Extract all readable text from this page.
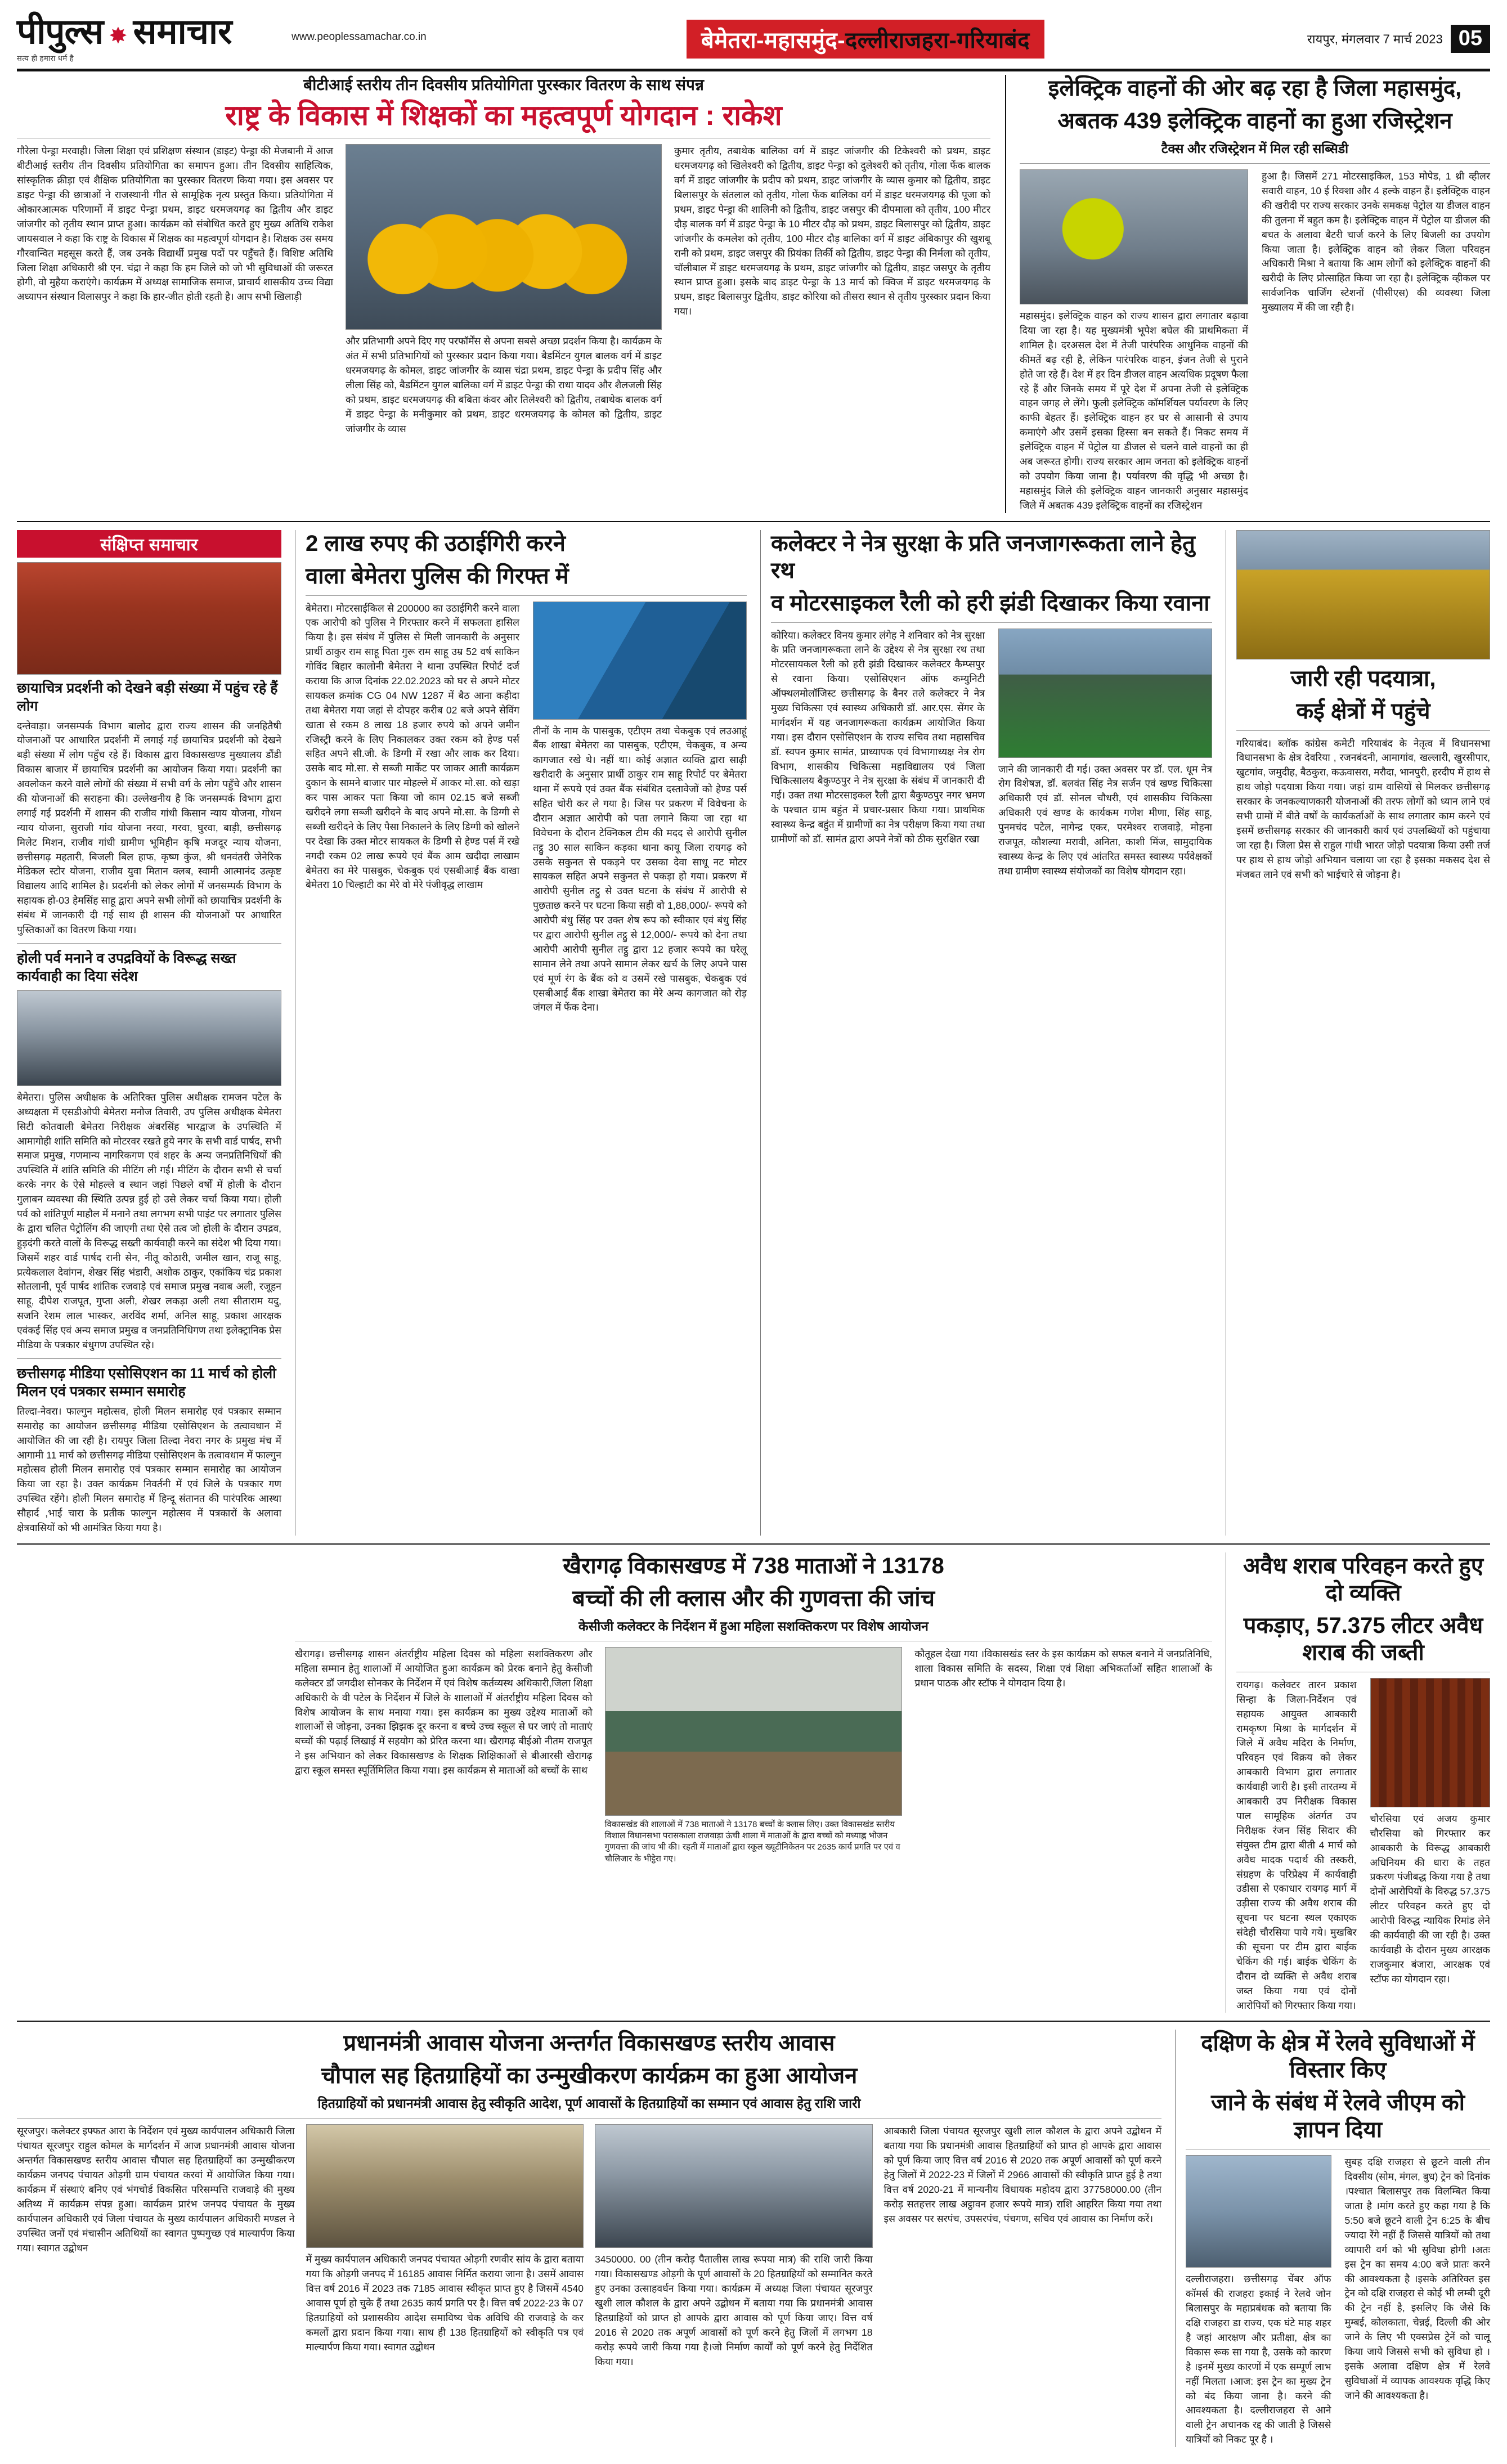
पीपुल्स ✸ समाचार
सत्य ही हमारा धर्म है
www.peoplessamachar.co.in	बेमेतरा-महासमुंद-दल्लीराजहरा-गरियाबंद	रायपुर, मंगलवार 7 मार्च 2023 05
बीटीआई स्तरीय तीन दिवसीय प्रतियोगिता पुरस्कार वितरण के साथ संपन्न
राष्ट्र के विकास में शिक्षकों का महत्वपूर्ण योगदान : राकेश
गौरेला पेन्ड्रा मरवाही। जिला शिक्षा एवं प्रशिक्षण संस्थान (डाइट) पेन्ड्रा की मेजबानी में आज बीटीआई स्तरीय तीन दिवसीय प्रतियोगिता का समापन हुआ। तीन दिवसीय साहित्यिक, सांस्कृतिक क्रीड़ा एवं शैक्षिक प्रतियोगिता का पुरस्कार वितरण किया गया। इस अवसर पर डाइट पेन्ड्रा की छात्राओं ने राजस्थानी गीत से सामूहिक नृत्य प्रस्तुत किया। प्रतियोगिता में ओकारआत्मक परिणामों में डाइट पेन्ड्रा प्रथम, डाइट धरमजयगढ़ का द्वितीय और डाइट जांजगीर को तृतीय स्थान प्राप्त हुआ। कार्यक्रम को संबोधित करते हुए मुख्य अतिथि राकेश जायसवाल ने कहा कि राष्ट्र के विकास में शिक्षक का महत्वपूर्ण योगदान है। शिक्षक उस समय गौरवान्वित महसूस करते हैं, जब उनके विद्यार्थी प्रमुख पदों पर पहुँचते हैं। विशिष्ट अतिथि जिला शिक्षा अधिकारी श्री एन. चंद्रा ने कहा कि हम जिले को जो भी सुविधाओं की जरूरत होगी, वो मुहैया कराएंगे। कार्यक्रम में अध्यक्ष सामाजिक समाज, प्राचार्य शासकीय उच्च विद्या अध्यापन संस्थान विलासपुर ने कहा कि हार-जीत होती रहती है। आप सभी खिलाड़ी
और प्रतिभागी अपने दिए गए परफॉर्मेंस से अपना सबसे अच्छा प्रदर्शन किया है। कार्यक्रम के अंत में सभी प्रतिभागियों को पुरस्कार प्रदान किया गया। बैडमिंटन युगल बालक वर्ग में डाइट धरमजयगढ़ के कोमल, डाइट जांजगीर के व्यास चंद्रा प्रथम, डाइट पेन्ड्रा के प्रदीप सिंह और लीला सिंह को, बैडमिंटन युगल बालिका वर्ग में डाइट पेन्ड्रा की राधा यादव और शैलजली सिंह को प्रथम, डाइट धरमजयगढ़ की बबिता कंवर और तिलेश्वरी को द्वितीय, तबाथेक बालक वर्ग में डाइट पेन्ड्रा के मनीकुमार को प्रथम, डाइट धरमजयगढ़ के कोमल को द्वितीय, डाइट जांजगीर के व्यास
कुमार तृतीय, तबाथेक बालिका वर्ग में डाइट जांजगीर की टिकेश्वरी को प्रथम, डाइट धरमजयगढ़ को खिलेश्वरी को द्वितीय, डाइट पेन्ड्रा को दुलेश्वरी को तृतीय, गोला फेंक बालक वर्ग में डाइट जांजगीर के प्रदीप को प्रथम, डाइट जांजगीर के व्यास कुमार को द्वितीय, डाइट बिलासपुर के संतलाल को तृतीय, गोला फेंक बालिका वर्ग में डाइट धरमजयगढ़ की पूजा को प्रथम, डाइट पेन्ड्रा की शालिनी को द्वितीय, डाइट जसपुर की दीपमाला को तृतीय, 100 मीटर दौड़ बालक वर्ग में डाइट पेन्ड्रा के 10 मीटर दौड़ को प्रथम, डाइट बिलासपुर को द्वितीय, डाइट जांजगीर के कमलेश को तृतीय, 100 मीटर दौड़ बालिका वर्ग में डाइट अंबिकापुर की खुशबू रानी को प्रथम, डाइट जसपुर की प्रियंका तिर्की को द्वितीय, डाइट पेन्ड्रा की निर्मला को तृतीय, चॉलीबाल में डाइट धरमजयगढ़ के प्रथम, डाइट जांजगीर को द्वितीय, डाइट जसपुर के तृतीय स्थान प्राप्त हुआ। इसके बाद डाइट पेन्ड्रा के 13 मार्च को क्विज में डाइट धरमजयगढ़ के प्रथम, डाइट बिलासपुर द्वितीय, डाइट कोरिया को तीसरा स्थान से तृतीय पुरस्कार प्रदान किया गया।
इलेक्ट्रिक वाहनों की ओर बढ़ रहा है जिला महासमुंद,
अबतक 439 इलेक्ट्रिक वाहनों का हुआ रजिस्ट्रेशन
टैक्स और रजिस्ट्रेशन में मिल रही सब्सिडी
महासमुंद। इलेक्ट्रिक वाहन को राज्य शासन द्वारा लगातार बढ़ावा दिया जा रहा है। यह मुख्यमंत्री भूपेश बघेल की प्राथमिकता में शामिल है। दरअसल देश में तेजी पारंपरिक आधुनिक वाहनों की कीमतें बढ़ रही है, लेकिन पारंपरिक वाहन, इंजन तेजी से पुराने होते जा रहे हैं। देश में हर दिन डीजल वाहन अत्यधिक प्रदूषण फैला रहे हैं और जिनके समय में पूरे देश में अपना तेजी से इलेक्ट्रिक वाहन जगह ले लेंगे। फुली इलेक्ट्रिक कॉमर्शियल पर्यावरण के लिए काफी बेहतर हैं। इलेक्ट्रिक वाहन हर घर से आसानी से उपाय कमाएंगे और उसमें इसका हिस्सा बन सकते हैं। निकट समय में इलेक्ट्रिक वाहन में पेट्रोल या डीजल से चलने वाले वाहनों का ही अब जरूरत होगी। राज्य सरकार आम जनता को इलेक्ट्रिक वाहनों को उपयोग किया जाना है। पर्यावरण की वृद्धि भी अच्छा है। महासमुंद जिले की इलेक्ट्रिक वाहन जानकारी अनुसार महासमुंद जिले में अबतक 439 इलेक्ट्रिक वाहनों का रजिस्ट्रेशन
हुआ है। जिसमें 271 मोटरसाइकिल, 153 मोपेड, 1 थ्री व्हीलर सवारी वाहन, 10 ई रिक्शा और 4 हल्के वाहन हैं। इलेक्ट्रिक वाहन की खरीदी पर राज्य सरकार उनके समकक्ष पेट्रोल या डीजल वाहन की तुलना में बहुत कम है। इलेक्ट्रिक वाहन में पेट्रोल या डीजल की बचत के अलावा बैटरी चार्ज करने के लिए बिजली का उपयोग किया जाता है। इलेक्ट्रिक वाहन को लेकर जिला परिवहन अधिकारी मिश्रा ने बताया कि आम लोगों को इलेक्ट्रिक वाहनों की खरीदी के लिए प्रोत्साहित किया जा रहा है। इलेक्ट्रिक व्हीकल पर सार्वजनिक चार्जिंग स्टेशनों (पीसीएस) की व्यवस्था जिला मुख्यालय में की जा रही है।
संक्षिप्त समाचार
छायाचित्र प्रदर्शनी को देखने बड़ी संख्या में पहुंच रहे हैं लोग
दन्तेवाड़ा। जनसम्पर्क विभाग बालोद द्वारा राज्य शासन की जनहितैषी योजनाओं पर आधारित प्रदर्शनी में लगाई गई छायाचित्र प्रदर्शनी को देखने बड़ी संख्या में लोग पहुँच रहे हैं। विकास द्वारा विकासखण्ड मुख्यालय डौंडी विकास बाजार में छायाचित्र प्रदर्शनी का आयोजन किया गया। प्रदर्शनी का अवलोकन करने वाले लोगों की संख्या में सभी वर्ग के लोग पहुँचे और शासन की योजनाओं की सराहना की। उल्लेखनीय है कि जनसम्पर्क विभाग द्वारा लगाई गई प्रदर्शनी में शासन की राजीव गांधी किसान न्याय योजना, गोधन न्याय योजना, सुराजी गांव योजना नरवा, गरवा, घुरवा, बाड़ी, छत्तीसगढ़ मिलेट मिशन, राजीव गांधी ग्रामीण भूमिहीन कृषि मजदूर न्याय योजना, छत्तीसगढ़ महतारी, बिजली बिल हाफ, कृष्ण कुंज, श्री धनवंतरी जेनेरिक मेडिकल स्टोर योजना, राजीव युवा मितान क्लब, स्वामी आत्मानंद उत्कृष्ट विद्यालय आदि शामिल है। प्रदर्शनी को लेकर लोगों में जनसम्पर्क विभाग के सहायक हो-03 हेमसिंह साहू द्वारा अपने सभी लोगों को छायाचित्र प्रदर्शनी के संबंध में जानकारी दी गई साथ ही शासन की योजनाओं पर आधारित पुस्तिकाओं का वितरण किया गया।
होली पर्व मनाने व उपद्रवियों के विरूद्ध सख्त कार्यवाही का दिया संदेश
बेमेतरा। पुलिस अधीक्षक के अतिरिक्त पुलिस अधीक्षक रामजन पटेल के अध्यक्षता में एसडीओपी बेमेतरा मनोज तिवारी, उप पुलिस अधीक्षक बेमेतरा सिटी कोतवाली बेमेतरा निरीक्षक अंबरसिंह भारद्वाज के उपस्थिति में आमागोही शांति समिति को मोटरवर रखते हुये नगर के सभी वार्ड पार्षद, सभी समाज प्रमुख, गणमान्य नागरिकगण एवं शहर के अन्य जनप्रतिनिधियों की उपस्थिति में शांति समिति की मीटिंग ली गई। मीटिंग के दौरान सभी से चर्चा करके नगर के ऐसे मोहल्ले व स्थान जहां पिछले वर्षों में होली के दौरान गुलाबन व्यवस्था की स्थिति उत्पन्न हुई हो उसे लेकर चर्चा किया गया। होली पर्व को शांतिपूर्ण माहौल में मनाने तथा लगभग सभी पाइंट पर लगातार पुलिस के द्वारा चलित पेट्रोलिंग की जाएगी तथा ऐसे तत्व जो होली के दौरान उपद्रव, हुड़दंगी करते वालों के विरूद्ध सख्ती कार्यवाही करने का संदेश भी दिया गया। जिसमें शहर वार्ड पार्षद रानी सेन, नीतू कोठारी, जमील खान, राजू साहू, प्रत्येकलाल देवांगन, शेखर सिंह भंडारी, अशोक ठाकुर, एकांकिय चंद्र प्रकाश सोतलानी, पूर्व पार्षद शांतिक रजवाड़े एवं समाज प्रमुख नवाब अली, रजूहन साहू, दीपेश राजपूत, गुप्ता अली, शेखर लकड़ा अली तथा सीताराम यदु, सजनि रेशम लाल भास्कर, अरविंद शर्मा, अनिल साहू, प्रकाश आरक्षक एवंकई सिंह एवं अन्य समाज प्रमुख व जनप्रतिनिधिगण तथा इलेक्ट्रानिक प्रेस मीडिया के पत्रकार बंधुगण उपस्थित रहे।
छत्तीसगढ़ मीडिया एसोसिएशन का 11 मार्च को होली मिलन एवं पत्रकार सम्मान समारोह
तिल्दा-नेवरा। फाल्गुन महोत्सव, होली मिलन समारोह एवं पत्रकार सम्मान समारोह का आयोजन छत्तीसगढ़ मीडिया एसोसिएशन के तत्वावधान में आयोजित की जा रही है। रायपुर जिला तिल्दा नेवरा नगर के प्रमुख मंच में आगामी 11 मार्च को छत्तीसगढ़ मीडिया एसोसिएशन के तत्वावधान में फाल्गुन महोत्सव होली मिलन समारोह एवं पत्रकार सम्मान समारोह का आयोजन किया जा रहा है। उक्त कार्यक्रम निवर्तनी में एवं जिले के पत्रकार गण उपस्थित रहेंगे। होली मिलन समारोह में हिन्दू संतानत की पारंपरिक आस्था सौहार्द ,भाई चारा के प्रतीक फाल्गुन महोत्सव में पत्रकारों के अलावा क्षेत्रवासियों को भी आमंत्रित किया गया है।
2 लाख रुपए की उठाईगिरी करने
वाला बेमेतरा पुलिस की गिरफ्त में
बेमेतरा। मोटरसाईकिल से 200000 का उठाईगिरी करने वाला एक आरोपी को पुलिस ने गिरफ्तार करने में सफलता हासिल किया है। इस संबंध में पुलिस से मिली जानकारी के अनुसार प्रार्थी ठाकुर राम साहू पिता गुरू राम साहू उम्र 52 वर्ष साकिन गोविंद बिहार कालोनी बेमेतरा ने थाना उपस्थित रिपोर्ट दर्ज कराया कि आज दिनांक 22.02.2023 को घर से अपने मोटर सायकल क्रमांक CG 04 NW 1287 में बैठ आना कहीदा तथा बेमेतरा गया जहां से दोपहर करीब 02 बजे अपने सेविंग खाता से रकम 8 लाख 18 हजार रुपये को अपने जमीन रजिस्ट्री करने के लिए निकालकर उक्त रकम को हेण्ड पर्स सहित अपने सी.जी. के डिग्गी में रखा और लाक कर दिया। उसके बाद मो.सा. से सब्जी मार्केट पर जाकर आती कार्यक्रम दुकान के सामने बाजार पार मोहल्ले में आकर मो.सा. को खड़ा कर पास आकर पता किया जो काम 02.15 बजे सब्जी खरीदने लगा सब्जी खरीदने के बाद अपने मो.सा. के डिग्गी से सब्जी खरीदने के लिए पैसा निकालने के लिए डिग्गी को खोलने पर देखा कि उक्त मोटर सायकल के डिग्गी से हेण्ड पर्स में रखे नगदी रकम 02 लाख रूपये एवं बैंक आम खदीदा लाखाम बेमेतरा का मेरे पासबुक, चेकबुक एवं एसबीआई बैंक वाखा बेमेतरा 10 चिल्हाटी का मेरे वो मेरे पंजीवृद्ध लाखाम
तीनों के नाम के पासबुक, एटीएम तथा चेकबुक एवं लउआहूं बैंक शाखा बेमेतरा का पासबुक, एटीएम, चेकबुक, व अन्य कागजात रखे थे। नहीं था। कोई अज्ञात व्यक्ति द्वारा साढ़ी खरीदारी के अनुसार प्रार्थी ठाकुर राम साहू रिपोर्ट पर बेमेतरा थाना में रूपये एवं उक्त बैंक संबंधित दस्तावेजों को हेण्ड पर्स सहित चोरी कर ले गया है। जिस पर प्रकरण में विवेचना के दौरान अज्ञात आरोपी को पता लगाने किया जा रहा था विवेचना के दौरान टेक्निकल टीम की मदद से आरोपी सुनील तट्ठु 30 साल साकिन कड़का थाना कायू जिला रायगढ़ को उसके सकुनत से पकड़ने पर उसका देवा साधू नट मोटर सायकल सहित अपने सकुनत से पकड़ा हो गया। प्रकरण में आरोपी सुनील तट्ठु से उक्त घटना के संबंध में आरोपी से पुछताछ करने पर घटना किया सही वो 1,88,000/- रूपये को आरोपी बंधु सिंह पर उक्त शेष रूप को स्वीकार एवं बंधु सिंह पर द्वारा आरोपी सुनील तट्ठु से 12,000/- रूपये को देना तथा आरोपी आरोपी सुनील तट्ठु द्वारा 12 हजार रूपये का घरेलू सामान लेने तथा अपने सामान लेकर खर्च के लिए अपने पास एवं मूर्ण रंग के बैंक को व उसमें रखे पासबुक, चेकबुक एवं एसबीआई बैंक शाखा बेमेतरा का मेरे अन्य कागजात को रोड़ जंगल में फेंक देना।
कलेक्टर ने नेत्र सुरक्षा के प्रति जनजागरूकता लाने हेतु रथ
व मोटरसाइकल रैली को हरी झंडी दिखाकर किया रवाना
कोरिया। कलेक्टर विनय कुमार लंगेह ने शनिवार को नेत्र सुरक्षा के प्रति जनजागरूकता लाने के उद्देश्य से नेत्र सुरक्षा रथ तथा मोटरसायकल रैली को हरी झंडी दिखाकर कलेक्टर कैम्प्सपुर से रवाना किया। एसोसिएशन ऑफ कम्युनिटी ऑफ्थलमोलॉजिस्ट छत्तीसगढ़ के बैनर तले कलेक्टर ने नेत्र मुख्य चिकित्सा एवं स्वास्थ्य अधिकारी डॉ. आर.एस. सेंगर के मार्गदर्शन में यह जनजागरूकता कार्यक्रम आयोजित किया गया। इस दौरान एसोसिएशन के राज्य सचिव तथा महासचिव डॉ. स्वपन कुमार सामंत, प्राध्यापक एवं विभागाध्यक्ष नेत्र रोग विभाग, शासकीय चिकित्सा महाविद्यालय एवं जिला चिकित्सालय बैकुण्ठपुर ने नेत्र सुरक्षा के संबंध में जानकारी दी गई। उक्त तथा मोटरसाइकल रैली द्वारा बैकुण्ठपुर नगर भ्रमण के पश्चात ग्राम बहुंत में प्रचार-प्रसार किया गया। प्राथमिक स्वास्थ्य केन्द्र बहुंत में ग्रामीणों का नेत्र परीक्षण किया गया तथा ग्रामीणों को डॉ. सामंत द्वारा अपने नेत्रों को ठीक सुरक्षित रखा
जाने की जानकारी दी गई। उक्त अवसर पर डॉ. एल. धूम नेत्र रोग विशेषज्ञ, डॉ. बलवंत सिंह नेत्र सर्जन एवं खण्ड चिकित्सा अधिकारी एवं डॉ. सोनल चौधरी, एवं शासकीय चिकित्सा अधिकारी एवं खण्ड के कार्यकम गणेश मीणा, सिंह साहू, पुनमचंद पटेल, नागेन्द्र एकर, परमेश्वर राजवाड़े, मोहना राजपूत, कौशल्या मरावी, अनिता, काशी मिंज, सामुदायिक स्वास्थ्य केन्द्र के लिए एवं आंतरित समस्त स्वास्थ्य पर्यवेक्षकों तथा ग्रामीण स्वास्थ्य संयोजकों का विशेष योगदान रहा।
जारी रही पदयात्रा,
कई क्षेत्रों में पहुंचे
गरियाबंद। ब्लॉक कांग्रेस कमेटी गरियाबंद के नेतृत्व में विधानसभा विधानसभा के क्षेत्र देवरिया , रजनबंदनी, आमागांव, खल्लारी, खुरसीपार, खुटगांव, जमुदीह, बैठकुरा, कऊवासरा, मरौदा, भानपुरी, हरदीप में हाथ से हाथ जोड़ो पदयात्रा किया गया। जहां ग्राम वासियों से मिलकर छत्तीसगढ़ सरकार के जनकल्याणकारी योजनाओं की तरफ लोगों को ध्यान लाने एवं सभी ग्रामों में बीते वर्षों के कार्यकर्ताओं के साथ लगातार काम करने एवं इसमें छत्तीसगढ़ सरकार की जानकारी कार्य एवं उपलब्धियों को पहुंचाया जा रहा है। जिला प्रेस से राहुल गांधी भारत जोड़ो पदयात्रा किया उसी तर्ज पर हाथ से हाथ जोड़ो अभियान चलाया जा रहा है इसका मकसद देश से मंजबत लाने एवं सभी को भाईचारे से जोड़ना है।
खैरागढ़ विकासखण्ड में 738 माताओं ने 13178
बच्चों की ली क्लास और की गुणवत्ता की जांच
केसीजी कलेक्टर के निर्देशन में हुआ महिला सशक्तिकरण पर विशेष आयोजन
खैरागढ़। छत्तीसगढ़ शासन अंतर्राष्ट्रीय महिला दिवस को महिला सशक्तिकरण और महिला सम्मान हेतु शालाओं में आयोजित हुआ कार्यक्रम को प्रेरक बनाने हेतु केसीजी कलेक्टर डॉ जगदीश सोनकर के निर्देशन में एवं विशेष कर्तव्यस्थ अधिकारी,जिला शिक्षा अधिकारी के वी पटेल के निर्देशन में जिले के शालाओं में अंतर्राष्ट्रीय महिला दिवस को विशेष आयोजन के साथ मनाया गया। इस कार्यक्रम का मुख्य उद्देश्य माताओं को शालाओं से जोड़ना, उनका झिझक दूर करना व बच्चे उच्च स्कूल से घर जाएं तो माताएं बच्चों की पढ़ाई लिखाई में सहयोग को प्रेरित करना था। खैरागढ़ बीईओ नीतम राजपूत ने इस अभियान को लेकर विकासखण्ड के शिक्षक शिक्षिकाओं से बीआरसी खैरागढ़ द्वारा स्कूल समस्त स्पूर्तिमिलित किया गया। इस कार्यक्रम से माताओं को बच्चों के साथ
विकासखंड की शालाओं में 738 माताओं ने 13178 बच्चों के क्लास लिए। उक्त विकासखंड स्तरीय विशाल विधानसभा परासकाला राजवाड़ा ऊंची शाला में माताओं के द्वारा बच्चों को मध्याह्न भोजन गुणवत्ता की जांच भी की। रहती में माताओं द्वारा स्कूल ख्यूटीनिकेतन पर 2635 कार्य प्रगति पर एवं व चौलिजार के भीट्ठेरा गए।
कौतूहल देखा गया ।विकासखंड स्तर के इस कार्यक्रम को सफल बनाने में जनप्रतिनिधि, शाला विकास समिति के सदस्य, शिक्षा एवं शिक्षा अभिकर्ताओं सहित शालाओं के प्रधान पाठक और स्टॉफ ने योगदान दिया है।
अवैध शराब परिवहन करते हुए दो व्यक्ति
पकड़ाए, 57.375 लीटर अवैध शराब की जब्ती
रायगढ़। कलेक्टर तारन प्रकाश सिन्हा के जिला-निर्देशन एवं सहायक आयुक्त आबकारी रामकृष्ण मिश्रा के मार्गदर्शन में जिले में अवैध मदिरा के निर्माण, परिवहन एवं विक्रय को लेकर आबकारी विभाग द्वारा लगातार कार्यवाही जारी है। इसी तारतम्य में आबकारी उप निरीक्षक विकास पाल सामूहिक अंतर्गत उप निरीक्षक रंजन सिंह सिदार की संयुक्त टीम द्वारा बीती 4 मार्च को अवैध मादक पदार्थ की तस्करी, संग्रहण के परिप्रेक्ष्य में कार्यवाही उडीसा से एकाधार रायगढ़ मार्ग में उड़ीसा राज्य की अवैध शराब की सूचना पर घटना स्थल एकाएक संदेही चौरसिया पाये गये। मुखबिर की सूचना पर टीम द्वारा बाईक चेकिंग की गई। बाईक चेकिंग के दौरान दो व्यक्ति से अवैध शराब जब्त किया गया एवं दोनों आरोपियों को गिरफ्तार किया गया।
चौरसिया एवं अजय कुमार चौरसिया को गिरफ्तार कर आबकारी के विरूद्ध आबकारी अधिनियम की धारा के तहत प्रकरण पंजीबद्ध किया गया है तथा दोनों आरोपियों के विरुद्ध 57.375 लीटर परिवहन करते हुए दो आरोपी विरुद्ध न्यायिक रिमांड लेने की कार्यवाही की जा रही है। उक्त कार्यवाही के दौरान मुख्य आरक्षक राजकुमार बंजारा, आरक्षक एवं स्टॉफ का योगदान रहा।
प्रधानमंत्री आवास योजना अन्तर्गत विकासखण्ड स्तरीय आवास
चौपाल सह हितग्राहियों का उन्मुखीकरण कार्यक्रम का हुआ आयोजन
हितग्राहियों को प्रधानमंत्री आवास हेतु स्वीकृति आदेश, पूर्ण आवासों के हितग्राहियों का सम्मान एवं आवास हेतु राशि जारी
सूरजपुर। कलेक्टर इफ्फत आरा के निर्देशन एवं मुख्य कार्यपालन अधिकारी जिला पंचायत सूरजपुर राहुल कोमल के मार्गदर्शन में आज प्रधानमंत्री आवास योजना अन्तर्गत विकासखण्ड स्तरीय आवास चौपाल सह हितग्राहियों का उन्मुखीकरण कार्यक्रम जनपद पंचायत ओड़गी ग्राम पंचायत करवां में आयोजित किया गया। कार्यक्रम में संस्थाएं बनिए एवं भंगचोर्ड विकसित परिसम्पत्ति राजवाड़े की मुख्य अतिथ्य में कार्यक्रम संपन्न हुआ। कार्यक्रम प्रारंभ जनपद पंचायत के मुख्य कार्यपालन अधिकारी एवं जिला पंचायत के मुख्य कार्यपालन अधिकारी मण्डल ने उपस्थित जनों एवं मंचासीन अतिथियों का स्वागत पुष्पगुच्छ एवं माल्यार्पण किया गया। स्वागत उद्बोधन
में मुख्य कार्यपालन अधिकारी जनपद पंचायत ओड़गी रणवीर सांय के द्वारा बताया गया कि ओड़गी जनपद में 16185 आवास निर्मित कराया जाना है। उसमें आवास वित्त वर्ष 2016 में 2023 तक 7185 आवास स्वीकृत प्राप्त हुए है जिसमें 4540 आवास पूर्ण हो चुके हैं तथा 2635 कार्य प्रगति पर है। वित्त वर्ष 2022-23 के 07 हितग्राहियों को प्रशासकीय आदेश समाविष्य चेक अविधि की राजवाड़े के कर कमलों द्वारा प्रदान किया गया। साथ ही 138 हितग्राहियों को स्वीकृति पत्र एवं माल्यार्पण किया गया। स्वागत उद्बोधन
3450000. 00 (तीन करोड़ पैतालीस लाख रूपया मात्र) की राशि जारी किया गया। विकासखण्ड ओड़गी के पूर्ण आवासों के 20 हितग्राहियों को सम्मानित करते हुए उनका उत्साहवर्धन किया गया। कार्यक्रम में अध्यक्ष जिला पंचायत सूरजपुर खुशी लाल कौशल के द्वारा अपने उद्बोधन में बताया गया कि प्रधानमंत्री आवास हितग्राहियों को प्राप्त हो आपके द्वारा आवास को पूर्ण किया जाए। वित्त वर्ष 2016 से 2020 तक अपूर्ण आवासों को पूर्ण करने हेतु जिलों में लगभग 18 करोड़ रूपये जारी किया गया है।जो निर्माण कार्यों को पूर्ण करने हेतु निर्देशित किया गया।
आबकारी जिला पंचायत सूरजपुर खुशी लाल कौशल के द्वारा अपने उद्बोधन में बताया गया कि प्रधानमंत्री आवास हितग्राहियों को प्राप्त हो आपके द्वारा आवास को पूर्ण किया जाए वित्त वर्ष 2016 से 2020 तक अपूर्ण आवासों को पूर्ण करने हेतु जिलों में 2022-23 में जिलों में 2966 आवासों की स्वीकृति प्राप्त हुई है तथा वित्त वर्ष 2020-21 में मान्यनीय विधायक महोदय द्वारा 37758000.00 (तीन करोड़ सतहत्तर लाख अट्ठावन हजार रूपये मात्र) राशि आहरित किया गया तथा इस अवसर पर सरपंच, उपसरपंच, पंचगण, सचिव एवं आवास का निर्माण करें।
दक्षिण के क्षेत्र में रेलवे सुविधाओं में विस्तार किए
जाने के संबंध में रेलवे जीएम को ज्ञापन दिया
दल्लीराजहरा। छत्तीसगढ़ चेंबर ऑफ कॉमर्स की राजहरा इकाई ने रेलवे जोन बिलासपुर के महाप्रबंधक को बताया कि दक्षि राजहरा डा राज्य, एक घंटे माह शहर है जहां आरक्षण और प्रतीक्षा, क्षेत्र का विकास रूक सा गया है, उसके को कारण है ।इनमें मुख्य कारणों में एक सम्पूर्ण लाभ नहीं मिलता ।आज: इस ट्रेन का मुख्य ट्रेन को बंद किया जाना है। करने की आवश्यकता है। दल्लीराजहरा से आने वाली ट्रेन अचानक रद्द की जाती है जिससे यात्रियों को निकट पूर है ।
सुबह दक्षि राजहरा से छूटने वाली तीन दिवसीय (सोम, मंगल, बुध) ट्रेन को दिनांक ।पश्चात बिलासपुर तक विलम्बित किया जाता है ।मांग करते हुए कहा गया है कि 5:50 बजे छूटने वाली ट्रेन 6:25 के बीच ज्यादा रेंगे नहीं हैं जिससे यात्रियों को तथा व्यापारी वर्ग को भी सुविधा होगी ।अतः इस ट्रेन का समय 4:00 बजे प्रातः करने की आवश्यकता है ।इसके अतिरिक्त इस ट्रेन को दक्षि राजहरा से कोई भी लम्बी दूरी की ट्रेन नहीं है, इसलिए कि जैसे कि मुम्बई, कोलकाता, चेन्नई, दिल्ली की ओर जाने के लिए भी एक्सप्रेस ट्रेनें को चालू किया जाये जिससे सभी को सुविधा हो ।इसके अलावा दक्षिण क्षेत्र में रेलवे सुविधाओं में व्यापक आवश्यक वृद्धि किए जाने की आवश्यकता है।
